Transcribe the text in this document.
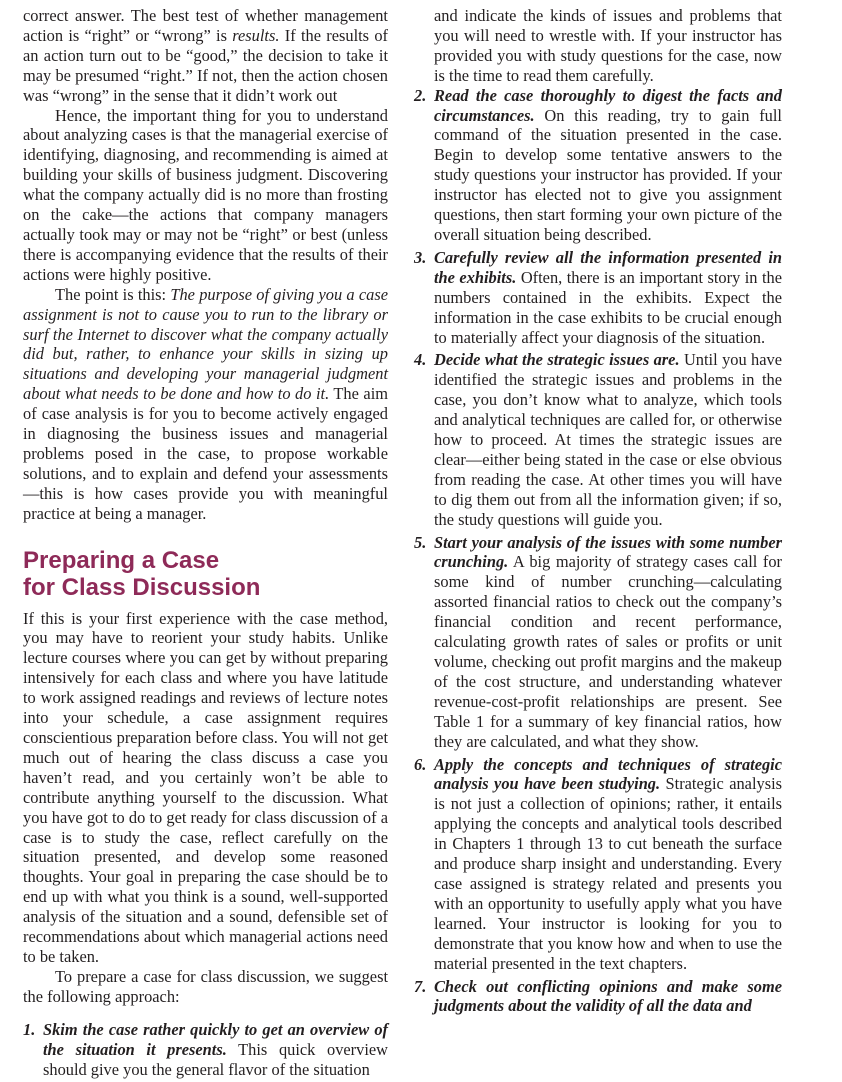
correct answer. The best test of whether management action is “right” or “wrong” is results. If the results of an action turn out to be “good,” the decision to take it may be presumed “right.” If not, then the action chosen was “wrong” in the sense that it didn’t work out

Hence, the important thing for you to understand about analyzing cases is that the managerial exercise of identifying, diagnosing, and recommending is aimed at building your skills of business judgment. Discovering what the company actually did is no more than frosting on the cake—the actions that company managers actually took may or may not be “right” or best (unless there is accompanying evidence that the results of their actions were highly positive.

The point is this: The purpose of giving you a case assignment is not to cause you to run to the library or surf the Internet to discover what the company actually did but, rather, to enhance your skills in sizing up situations and developing your managerial judgment about what needs to be done and how to do it. The aim of case analysis is for you to become actively engaged in diagnosing the business issues and managerial problems posed in the case, to propose workable solutions, and to explain and defend your assessments—this is how cases provide you with meaningful practice at being a manager.

Preparing a Case
for Class Discussion

If this is your first experience with the case method, you may have to reorient your study habits. Unlike lecture courses where you can get by without preparing intensively for each class and where you have latitude to work assigned readings and reviews of lecture notes into your schedule, a case assignment requires conscientious preparation before class. You will not get much out of hearing the class discuss a case you haven’t read, and you certainly won’t be able to contribute anything yourself to the discussion. What you have got to do to get ready for class discussion of a case is to study the case, reflect carefully on the situation presented, and develop some reasoned thoughts. Your goal in preparing the case should be to end up with what you think is a sound, well-supported analysis of the situation and a sound, defensible set of recommendations about which managerial actions need to be taken.

To prepare a case for class discussion, we suggest the following approach:

1. Skim the case rather quickly to get an overview of the situation it presents. This quick overview should give you the general flavor of the situation

and indicate the kinds of issues and problems that you will need to wrestle with. If your instructor has provided you with study questions for the case, now is the time to read them carefully.

2. Read the case thoroughly to digest the facts and circumstances. On this reading, try to gain full command of the situation presented in the case. Begin to develop some tentative answers to the study questions your instructor has provided. If your instructor has elected not to give you assignment questions, then start forming your own picture of the overall situation being described.

3. Carefully review all the information presented in the exhibits. Often, there is an important story in the numbers contained in the exhibits. Expect the information in the case exhibits to be crucial enough to materially affect your diagnosis of the situation.

4. Decide what the strategic issues are. Until you have identified the strategic issues and problems in the case, you don’t know what to analyze, which tools and analytical techniques are called for, or otherwise how to proceed. At times the strategic issues are clear—either being stated in the case or else obvious from reading the case. At other times you will have to dig them out from all the information given; if so, the study questions will guide you.

5. Start your analysis of the issues with some number crunching. A big majority of strategy cases call for some kind of number crunching—calculating assorted financial ratios to check out the company’s financial condition and recent performance, calculating growth rates of sales or profits or unit volume, checking out profit margins and the makeup of the cost structure, and understanding whatever revenue-cost-profit relationships are present. See Table 1 for a summary of key financial ratios, how they are calculated, and what they show.

6. Apply the concepts and techniques of strategic analysis you have been studying. Strategic analysis is not just a collection of opinions; rather, it entails applying the concepts and analytical tools described in Chapters 1 through 13 to cut beneath the surface and produce sharp insight and understanding. Every case assigned is strategy related and presents you with an opportunity to usefully apply what you have learned. Your instructor is looking for you to demonstrate that you know how and when to use the material presented in the text chapters.

7. Check out conflicting opinions and make some judgments about the validity of all the data and
